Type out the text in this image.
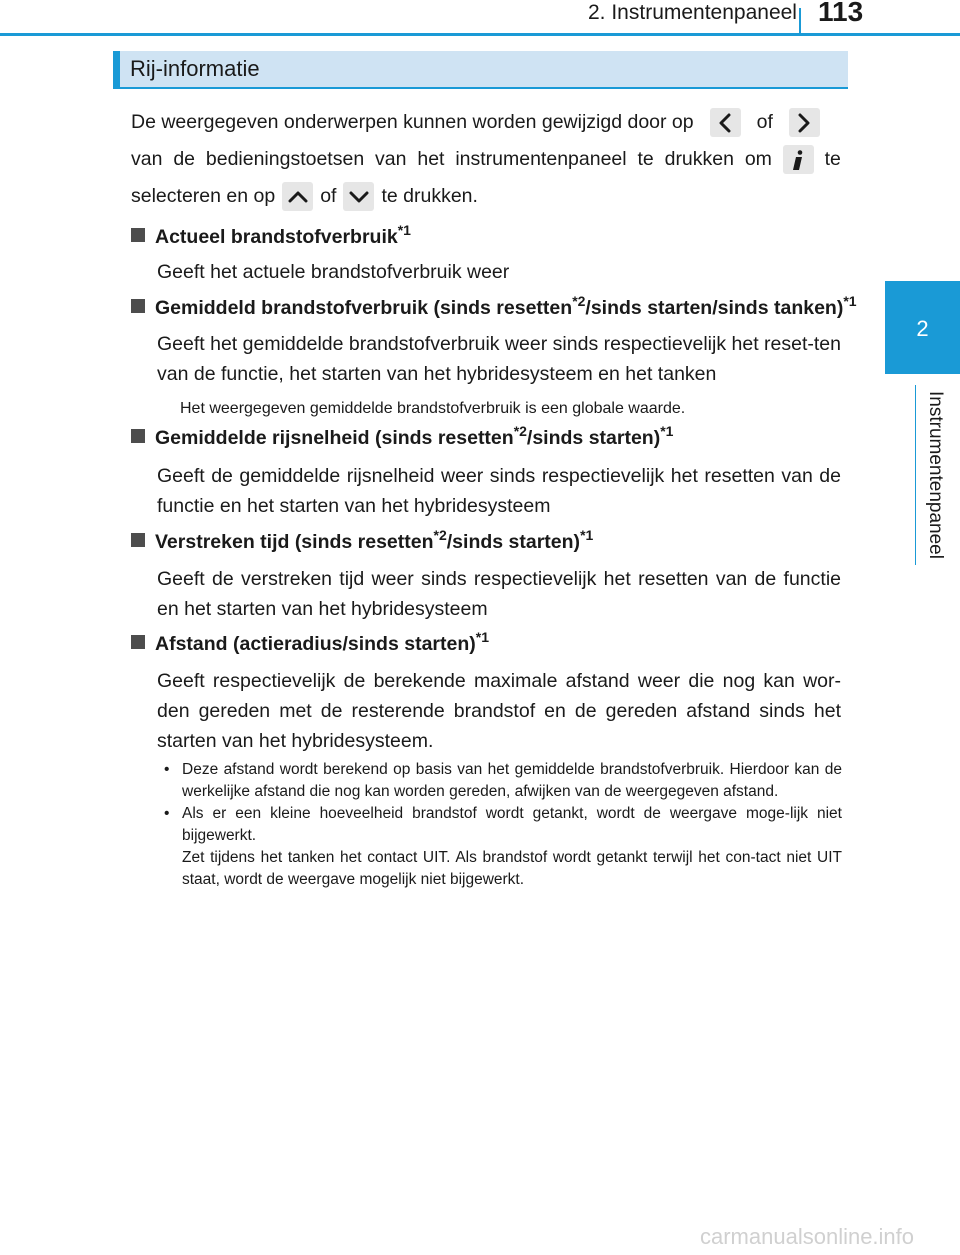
2. Instrumentenpaneel 113
2
Instrumentenpaneel
Rij-informatie
De weergegeven onderwerpen kunnen worden gewijzigd door op	of
van de bedieningstoetsen van het instrumentenpaneel te drukken om	te
selecteren en op of te drukken.
Actueel brandstofverbruik$^{*1}$
Geeft het actuele brandstofverbruik weer
Gemiddeld brandstofverbruik (sinds resetten$^{*2}$/sinds starten/sinds tanken)$^{*1}$
Geeft het gemiddelde brandstofverbruik weer sinds respectievelijk het reset-ten van de functie, het starten van het hybridesysteem en het tanken
Het weergegeven gemiddelde brandstofverbruik is een globale waarde.
Gemiddelde rijsnelheid (sinds resetten$^{*2}$/sinds starten)$^{*1}$
Geeft de gemiddelde rijsnelheid weer sinds respectievelijk het resetten van de functie en het starten van het hybridesysteem
Verstreken tijd (sinds resetten$^{*2}$/sinds starten)$^{*1}$
Geeft de verstreken tijd weer sinds respectievelijk het resetten van de functie en het starten van het hybridesysteem
Afstand (actieradius/sinds starten)$^{*1}$
Geeft respectievelijk de berekende maximale afstand weer die nog kan wor-den gereden met de resterende brandstof en de gereden afstand sinds het starten van het hybridesysteem.
• Deze afstand wordt berekend op basis van het gemiddelde brandstofverbruik. Hierdoor kan de werkelijke afstand die nog kan worden gereden, afwijken van de weergegeven afstand.
• Als er een kleine hoeveelheid brandstof wordt getankt, wordt de weergave moge-lijk niet bijgewerkt.
Zet tijdens het tanken het contact UIT. Als brandstof wordt getankt terwijl het con-tact niet UIT staat, wordt de weergave mogelijk niet bijgewerkt.
carmanualsonline.info
